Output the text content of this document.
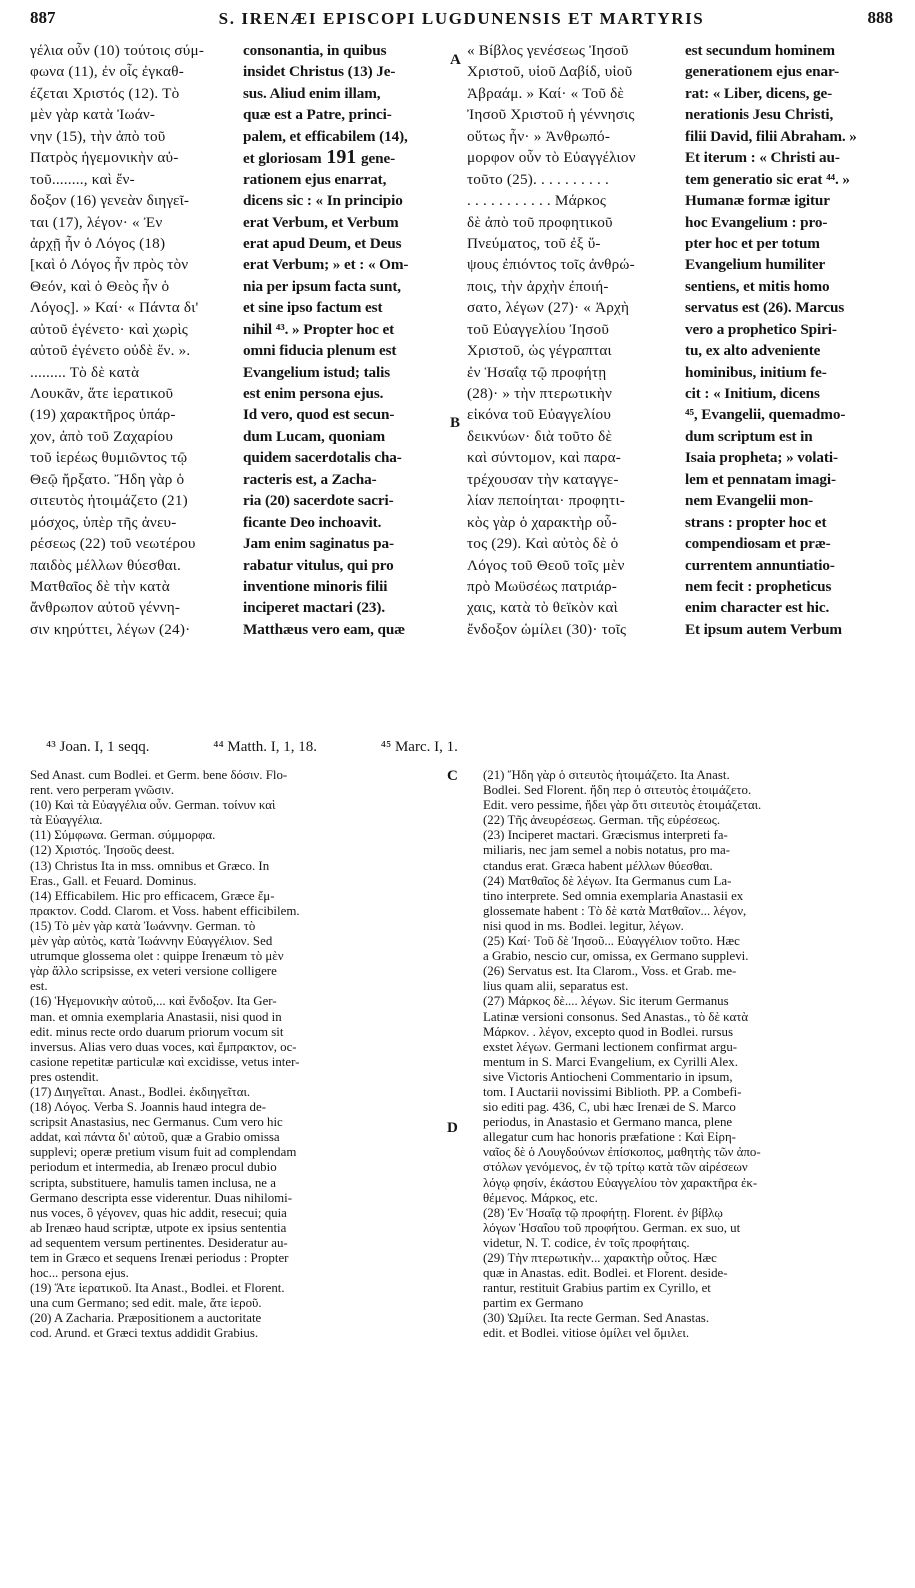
887	S. IRENÆI EPISCOPI LUGDUNENSIS ET MARTYRIS	888
γέλια οὖν (10) τούτοις σύμ-
φωνα (11), ἐν οἷς ἐγκαθ-
έζεται Χριστός (12). Τὸ
μὲν γὰρ κατὰ Ἰωάν-
νην (15), τὴν ἀπὸ τοῦ
Πατρὸς ἡγεμονικὴν αὐ-
τοῦ........, καὶ ἔν-
δοξον (16) γενεὰν διηγεῖ-
ται (17), λέγον· « Ἐν
ἀρχῇ ἦν ὁ Λόγος (18)
[καὶ ὁ Λόγος ἦν πρὸς τὸν
Θεόν, καὶ ὁ Θεὸς ἦν ὁ
Λόγος]. » Καί· « Πάντα δι'
αὐτοῦ ἐγένετο· καὶ χωρὶς
αὐτοῦ ἐγένετο οὐδὲ ἕν. ».
......... Τὸ δὲ κατὰ
Λουκᾶν, ἅτε ἱερατικοῦ
(19) χαρακτῆρος ὑπάρ-
χον, ἀπὸ τοῦ Ζαχαρίου
τοῦ ἱερέως θυμιῶντος τῷ
Θεῷ ἤρξατο. Ἤδη γὰρ ὁ
σιτευτὸς ἡτοιμάζετο (21)
μόσχος, ὑπὲρ τῆς ἀνευ-
ρέσεως (22) τοῦ νεωτέρου
παιδὸς μέλλων θύεσθαι.
Ματθαῖος δὲ τὴν κατὰ
ἄνθρωπον αὐτοῦ γέννη-
σιν κηρύττει, λέγων (24)·
consonantia, in quibus
insidet Christus (13) Je-
sus. Aliud enim illam,
quæ est a Patre, princi-
palem, et efficabilem (14),
et gloriosam 191 gene-
rationem ejus enarrat,
dicens sic : « In principio
erat Verbum, et Verbum
erat apud Deum, et Deus
erat Verbum; » et : « Om-
nia per ipsum facta sunt,
et sine ipso factum est
nihil ⁴³. » Propter hoc et
omni fiducia plenum est
Evangelium istud; talis
est enim persona ejus.
Id vero, quod est secun-
dum Lucam, quoniam
quidem sacerdotalis cha-
racteris est, a Zacha-
ria (20) sacerdote sacri-
ficante Deo inchoavit.
Jam enim saginatus pa-
rabatur vitulus, qui pro
inventione minoris filii
inciperet mactari (23).
Matthæus vero eam, quæ
« Βίβλος γενέσεως Ἰησοῦ
Χριστοῦ, υἱοῦ Δαβίδ, υἱοῦ
Ἀβραάμ. » Καί· « Τοῦ δὲ
Ἰησοῦ Χριστοῦ ἡ γέννησις
οὕτως ἦν· » Ἀνθρωπό-
μορφον οὖν τὸ Εὐαγγέλιον
τοῦτο (25). . . . . . . . . .
. . . . . . . . . . . Μάρκος
δὲ ἀπὸ τοῦ προφητικοῦ
Πνεύματος, τοῦ ἐξ ὕ-
ψους ἐπιόντος τοῖς ἀνθρώ-
ποις, τὴν ἀρχὴν ἐποιή-
σατο, λέγων (27)· « Ἀρχὴ
τοῦ Εὐαγγελίου Ἰησοῦ
Χριστοῦ, ὡς γέγραπται
ἐν Ἡσαΐᾳ τῷ προφήτῃ
(28)· » τὴν πτερωτικὴν
εἰκόνα τοῦ Εὐαγγελίου
δεικνύων· διὰ τοῦτο δὲ
καὶ σύντομον, καὶ παρα-
τρέχουσαν τὴν καταγγε-
λίαν πεποίηται· προφητι-
κὸς γὰρ ὁ χαρακτὴρ οὗ-
τος (29). Καὶ αὐτὸς δὲ ὁ
Λόγος τοῦ Θεοῦ τοῖς μὲν
πρὸ Μωϋσέως πατριάρ-
χαις, κατὰ τὸ θεϊκὸν καὶ
ἔνδοξον ὡμίλει (30)· τοῖς
est secundum hominem
generationem ejus enar-
rat: « Liber, dicens, ge-
nerationis Jesu Christi,
filii David, filii Abraham. »
Et iterum : « Christi au-
tem generatio sic erat ⁴⁴. »
Humanæ formæ igitur
hoc Evangelium : pro-
pter hoc et per totum
Evangelium humiliter
sentiens, et mitis homo
servatus est (26). Marcus
vero a prophetico Spiri-
tu, ex alto adveniente
hominibus, initium fe-
cit : « Initium, dicens
⁴⁵, Evangelii, quemadmo-
dum scriptum est in
Isaia propheta; » volati-
lem et pennatam imagi-
nem Evangelii mon-
strans : propter hoc et
compendiosam et præ-
currentem annuntiatio-
nem fecit : propheticus
enim character est hic.
Et ipsum autem Verbum
A
B
C
D
⁴³ Joan. I, 1 seqq.	⁴⁴ Matth. I, 1, 18.	⁴⁵ Marc. I, 1.
Sed Anast. cum Bodlei. et Germ. bene δόσιν. Flo-
rent. vero perperam γνῶσιν.
(10) Καὶ τὰ Εὐαγγέλια οὖν. German. τοίνυν καὶ
τὰ Εὐαγγέλια.
(11) Σύμφωνα. German. σύμμορφα.
(12) Χριστός. Ἰησοῦς deest.
(13) Christus Ita in mss. omnibus et Græco. In
Eras., Gall. et Feuard. Dominus.
(14) Efficabilem. Hic pro efficacem, Græce ἔμ-
πρακτον. Codd. Clarom. et Voss. habent efficibilem.
(15) Τὸ μὲν γὰρ κατὰ Ἰωάννην. German. τὸ
μὲν γὰρ αὐτὸς, κατὰ Ἰωάννην Εὐαγγέλιον. Sed
utrumque glossema olet : quippe Irenæum τὸ μὲν
γὰρ ἄλλο scripsisse, ex veteri versione colligere
est.
(16) Ἡγεμονικὴν αὐτοῦ,... καὶ ἔνδοξον. Ita Ger-
man. et omnia exemplaria Anastasii, nisi quod in
edit. minus recte ordo duarum priorum vocum sit
inversus. Alias vero duas voces, καὶ ἔμπρακτον, oc-
casione repetitæ particulæ καὶ excidisse, vetus inter-
pres ostendit.
(17) Διηγεῖται. Anast., Bodlei. ἐκδιηγεῖται.
(18) Λόγος. Verba S. Joannis haud integra de-
scripsit Anastasius, nec Germanus. Cum vero hic
addat, καὶ πάντα δι' αὐτοῦ, quæ a Grabio omissa
supplevi; operæ pretium visum fuit ad complendam
periodum et intermedia, ab Irenæo procul dubio
scripta, substituere, hamulis tamen inclusa, ne a
Germano descripta esse viderentur. Duas nihilomi-
nus voces, ὃ γέγονεν, quas hic addit, resecui; quia
ab Irenæo haud scriptæ, utpote ex ipsius sententia
ad sequentem versum pertinentes. Desideratur au-
tem in Græco et sequens Irenæi periodus : Propter
hoc... persona ejus.
(19) Ἅτε ἱερατικοῦ. Ita Anast., Bodlei. et Florent.
una cum Germano; sed edit. male, ἅτε ἱεροῦ.
(20) A Zacharia. Præpositionem a auctoritate
cod. Arund. et Græci textus addidit Grabius.
(21) Ἤδη γὰρ ὁ σιτευτὸς ἡτοιμάζετο. Ita Anast.
Bodlei. Sed Florent. ἤδη περ ὁ σιτευτὸς ἑτοιμάζετο.
Edit. vero pessime, ἤδει γὰρ ὅτι σιτευτὸς ἑτοιμάζεται.
(22) Τῆς ἀνευρέσεως. German. τῆς εὑρέσεως.
(23) Inciperet mactari. Græcismus interpreti fa-
miliaris, nec jam semel a nobis notatus, pro ma-
ctandus erat. Græca habent μέλλων θύεσθαι.
(24) Ματθαῖος δὲ λέγων. Ita Germanus cum La-
tino interprete. Sed omnia exemplaria Anastasii ex
glossemate habent : Τὸ δὲ κατὰ Ματθαῖον... λέγον,
nisi quod in ms. Bodlei. legitur, λέγων.
(25) Καί· Τοῦ δὲ Ἰησοῦ... Εὐαγγέλιον τοῦτο. Hæc
a Grabio, nescio cur, omissa, ex Germano supplevi.
(26) Servatus est. Ita Clarom., Voss. et Grab. me-
lius quam alii, separatus est.
(27) Μάρκος δὲ.... λέγων. Sic iterum Germanus
Latinæ versioni consonus. Sed Anastas., τὸ δὲ κατὰ
Μάρκον. . λέγον, excepto quod in Bodlei. rursus
exstet λέγων. Germani lectionem confirmat argu-
mentum in S. Marci Evangelium, ex Cyrilli Alex.
sive Victoris Antiocheni Commentario in ipsum,
tom. I Auctarii novissimi Biblioth. PP. a Combefi-
sio editi pag. 436, C, ubi hæc Irenæi de S. Marco
periodus, in Anastasio et Germano manca, plene
allegatur cum hac honoris præfatione : Καὶ Εἰρη-
ναῖος δὲ ὁ Λουγδούνων ἐπίσκοπος, μαθητὴς τῶν ἀπο-
στόλων γενόμενος, ἐν τῷ τρίτῳ κατὰ τῶν αἱρέσεων
λόγῳ φησίν, ἑκάστου Εὐαγγελίου τὸν χαρακτῆρα ἐκ-
θέμενος. Μάρκος, etc.
(28) Ἐν Ἡσαΐᾳ τῷ προφήτῃ. Florent. ἐν βίβλῳ
λόγων Ἡσαΐου τοῦ προφήτου. German. ex suo, ut
videtur, N. T. codice, ἐν τοῖς προφήταις.
(29) Τὴν πτερωτικὴν... χαρακτὴρ οὗτος. Hæc
quæ in Anastas. edit. Bodlei. et Florent. deside-
rantur, restituit Grabius partim ex Cyrillo, et
partim ex Germano
(30) Ὡμίλει. Ita recte German. Sed Anastas.
edit. et Bodlei. vitiose ὁμίλει vel ὅμιλει.
